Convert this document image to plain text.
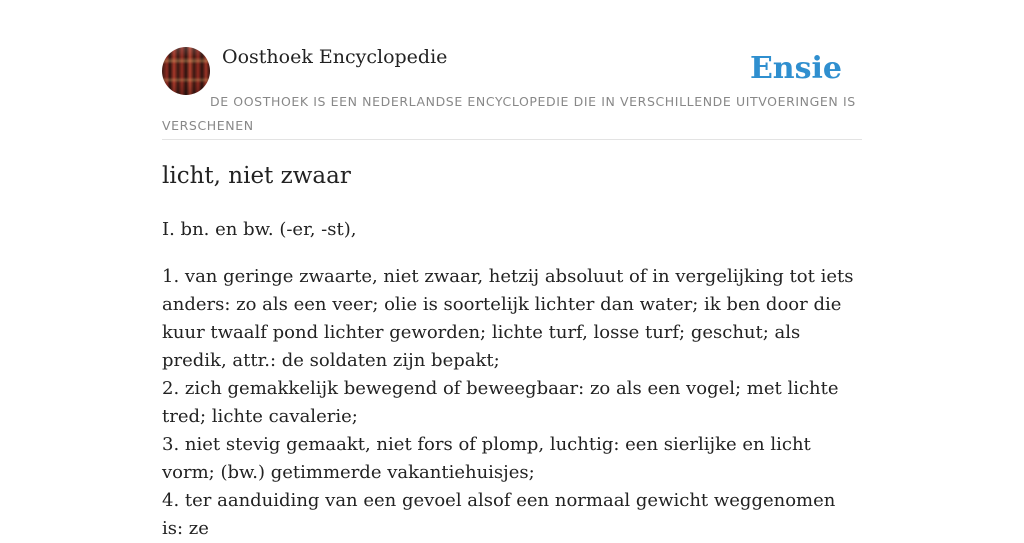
Oosthoek Encyclopedie	Ensie
DE OOSTHOEK IS EEN NEDERLANDSE ENCYCLOPEDIE DIE IN VERSCHILLENDE UITVOERINGEN IS VERSCHENEN
licht, niet zwaar

I. bn. en bw. (-er, -st),

1. van geringe zwaarte, niet zwaar, hetzij absoluut of in vergelijking tot iets anders: zo als een veer; olie is soortelijk lichter dan water; ik ben door die kuur twaalf pond lichter geworden; lichte turf, losse turf; geschut; als predik, attr.: de soldaten zijn bepakt;

2. zich gemakkelijk bewegend of beweegbaar: zo als een vogel; met lichte tred; lichte cavalerie;

3. niet stevig gemaakt, niet fors of plomp, luchtig: een sierlijke en licht vorm; (bw.) getimmerde vakantiehuisjes;

4. ter aanduiding van een gevoel alsof een normaal gewicht weggenomen is: ze
